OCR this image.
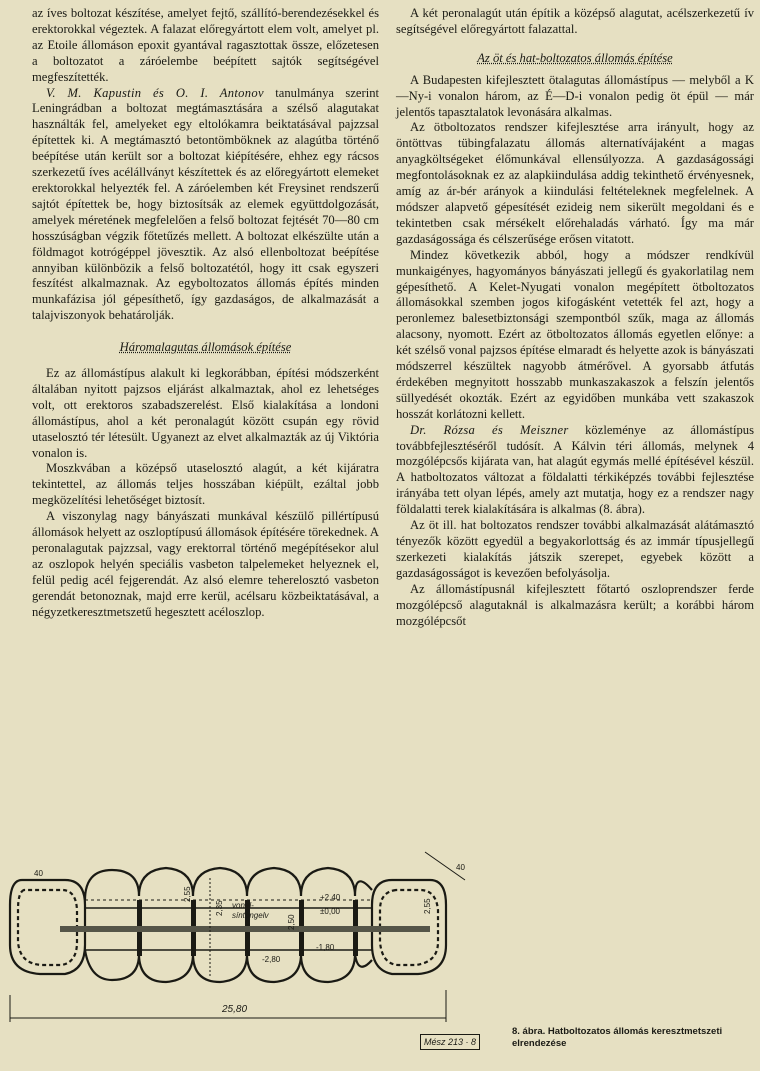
az íves boltozat készítése, amelyet fejtő, szállító-berendezésekkel és erektorokkal végeztek. A falazat előregyártott elem volt, amelyet pl. az Etoile állomáson epoxit gyantával ragasztottak össze, előzetesen a boltozatot a záróelembe beépített sajtók segítségével megfeszítették.

V. M. Kapustin és O. I. Antonov tanulmánya szerint Leningrádban a boltozat megtámasztására a szélső alagutakat használták fel, amelyeket egy eltolókamra beiktatásával pajzzsal építettek ki. A megtámasztó betontömböknek az alagútba történő beépítése után került sor a boltozat kiépítésére, ehhez egy rácsos szerkezetű íves acélállványt készítettek és az előregyártott elemeket erektorokkal helyezték fel. A záróelemben két Freysinet rendszerű sajtót építettek be, hogy biztosítsák az elemek együttdolgozását, amelyek méretének megfelelően a felső boltozat fejtését 70—80 cm hosszúságban végzik főtetűzés mellett. A boltozat elkészülte után a földmagot kotrógéppel jövesztik. Az alsó ellenboltozat beépítése annyiban különbözik a felső boltozatétól, hogy itt csak egyszeri feszítést alkalmaznak. Az egyboltozatos állomás építés minden munkafázisa jól gépesíthető, így gazdaságos, de alkalmazását a talajviszonyok behatárolják.

Háromalagutas állomások építése

Ez az állomástípus alakult ki legkorábban, építési módszerként általában nyitott pajzsos eljárást alkalmaztak, ahol ez lehetséges volt, ott erektoros szabadszerelést. Első kialakítása a londoni állomástípus, ahol a két peronalagút között csupán egy rövid utaselosztó tér létesült. Ugyanezt az elvet alkalmazták az új Viktória vonalon is.

Moszkvában a középső utaselosztó alagút, a két kijáratra tekintettel, az állomás teljes hosszában kiépült, ezáltal jobb megközelítési lehetőséget biztosít.

A viszonylag nagy bányászati munkával készülő pillértípusú állomások helyett az oszloptípusú állomások építésére törekednek. A peronalagutak pajzzsal, vagy erektorral történő megépítésekor alul az oszlopok helyén speciális vasbeton talpelemeket helyeznek el, felül pedig acél fejgerendát. Az alsó elemre teherelosztó vasbeton gerendát betonoznak, majd erre kerül, acélsaru közbeiktatásával, a négyzetkeresztmetszetű hegesztett acéloszlop.

A két peronalagút után építik a középső alagutat, acélszerkezetű ív segítségével előregyártott falazattal.

Az öt és hat-boltozatos állomás építése

A Budapesten kifejlesztett ötalagutas állomástípus — melyből a K—Ny-i vonalon három, az É—D-i vonalon pedig öt épül — már jelentős tapasztalatok levonására alkalmas.

Az ötboltozatos rendszer kifejlesztése arra irányult, hogy az öntöttvas tübingfalazatu állomás alternatívájaként a magas anyagköltségeket élőmunkával ellensúlyozza. A gazdaságossági megfontolásoknak ez az alapkiindulása addig tekinthető érvényesnek, amíg az ár-bér arányok a kiindulási feltételeknek megfelelnek. A módszer alapvető gépesítését ezideig nem sikerült megoldani és e tekintetben csak mérsékelt előrehaladás várható. Így ma már gazdaságossága és célszerűsége erősen vitatott.

Mindez következik abból, hogy a módszer rendkívül munkaigényes, hagyományos bányászati jellegű és gyakorlatilag nem gépesíthető. A Kelet-Nyugati vonalon megépített ötboltozatos állomásokkal szemben jogos kifogásként vetették fel azt, hogy a peronlemez balesetbiztonsági szempontból szűk, maga az állomás alacsony, nyomott. Ezért az ötboltozatos állomás egyetlen előnye: a két szélső vonal pajzsos építése elmaradt és helyette azok is bányászati módszerrel készültek nagyobb átmérővel. A gyorsabb átfutás érdekében megnyitott hosszabb munkaszakaszok a felszín jelentős süllyedését okozták. Ezért az egyidőben munkába vett szakaszok hosszát korlátozni kellett.

Dr. Rózsa és Meiszner közleménye az állomástípus továbbfejlesztéséről tudósít. A Kálvin téri állomás, melynek 4 mozgólépcsős kijárata van, hat alagút egymás mellé építésével készül. A hatboltozatos változat a földalatti térkiképzés további fejlesztése irányába tett olyan lépés, amely azt mutatja, hogy ez a rendszer nagy földalatti terek kialakítására is alkalmas (8. ábra).

Az öt ill. hat boltozatos rendszer további alkalmazását alátámasztó tényezők között egyedül a begyakorlottság és az immár típusjellegű szerkezeti kialakítás játszik szerepet, egyebek között a gazdaságosságot is kevezően befolyásolja.

Az állomástípusnál kifejlesztett főtartó oszloprendszer ferde mozgólépcső alagutaknál is alkalmazásra került; a korábbi három mozgólépcsőt

25,80
40
40
2,55
2,55
2,35
2,50
+2,40
±0,00
-2,80
-1,80
vonal-
síntengelv
Mész 213 · 8
8. ábra. Hatboltozatos állomás keresztmetszeti
elrendezése
